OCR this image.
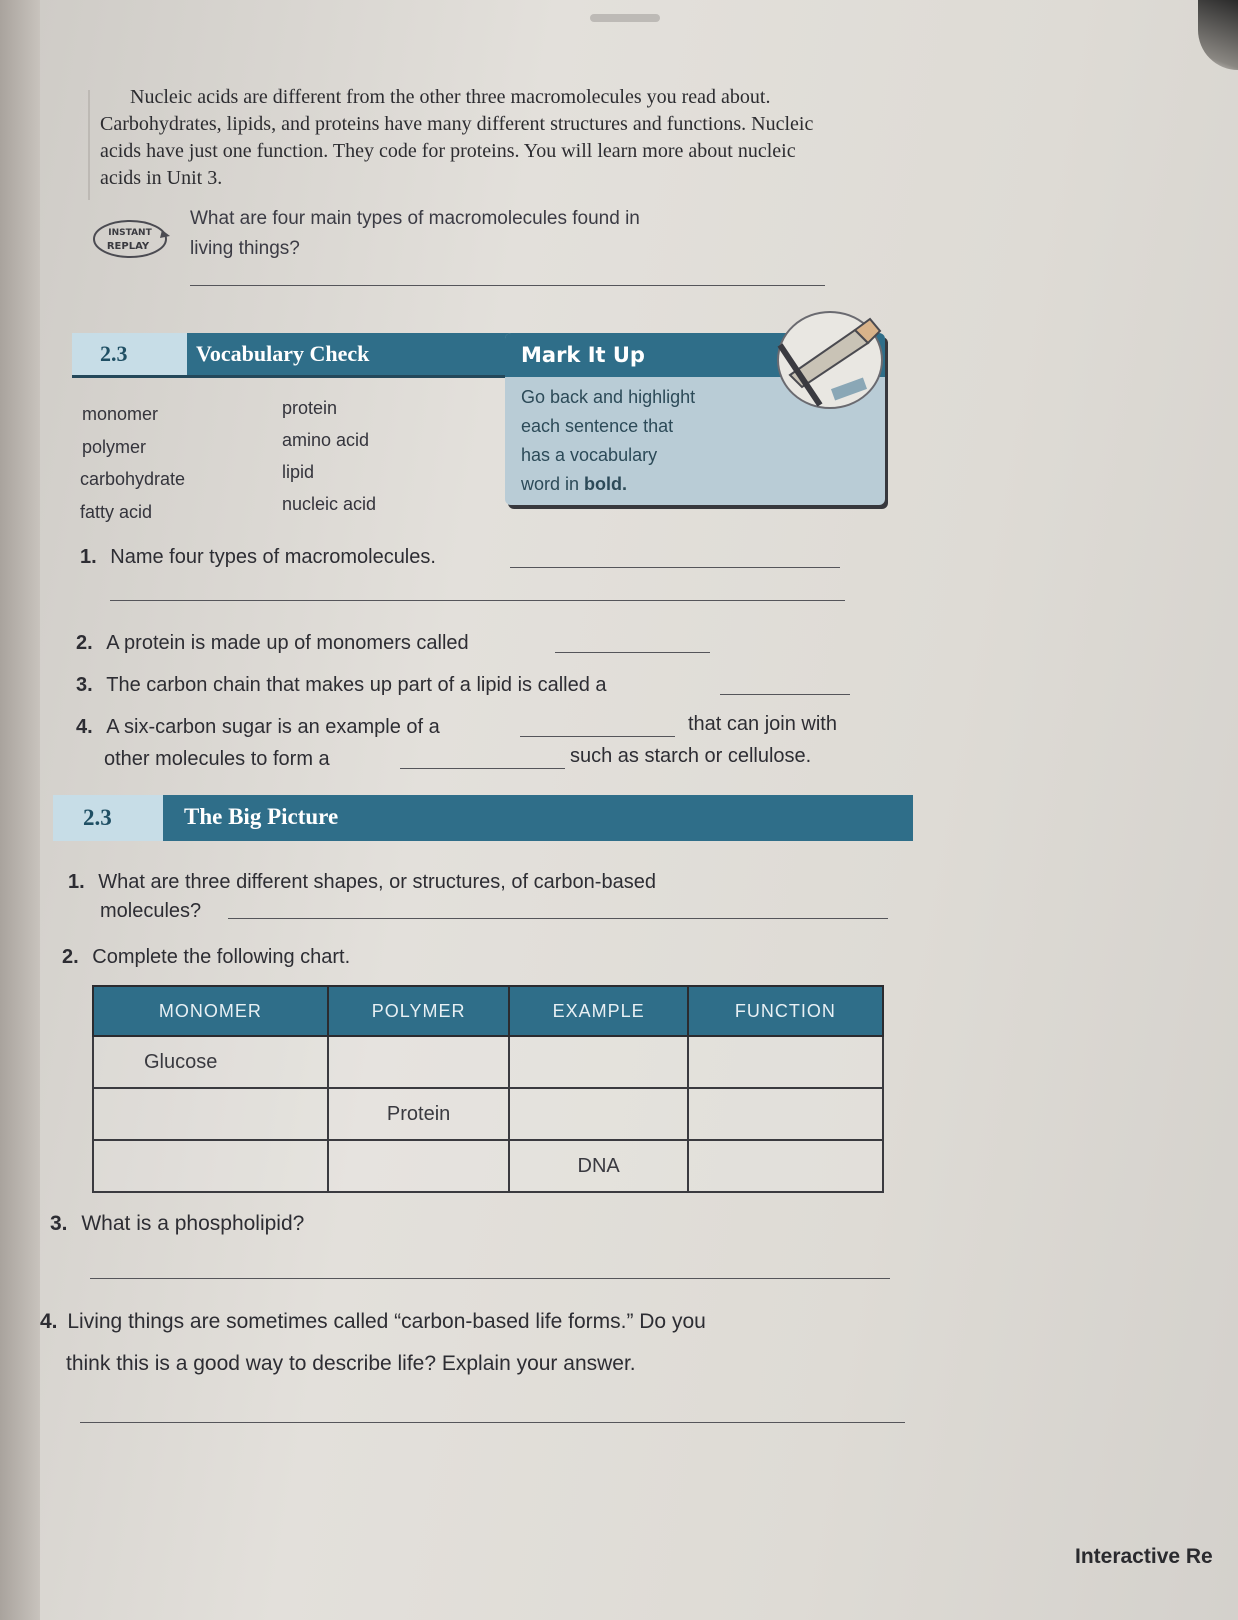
Nucleic acids are different from the other three macromolecules you read about. Carbohydrates, lipids, and proteins have many different structures and functions. Nucleic acids have just one function. They code for proteins. You will learn more about nucleic acids in Unit 3.
INSTANT
REPLAY
What are four main types of macromolecules found in
living things?
2.3	Vocabulary Check
monomer
polymer
carbohydrate
fatty acid
protein
amino acid
lipid
nucleic acid
Mark It Up
Go back and highlight
each sentence that
has a vocabulary
word in bold.
1. Name four types of macromolecules.
2. A protein is made up of monomers called
3. The carbon chain that makes up part of a lipid is called a
4. A six-carbon sugar is an example of a	that can join with
other molecules to form a	such as starch or cellulose.
2.3	The Big Picture
1. What are three different shapes, or structures, of carbon-based
molecules?
2. Complete the following chart.
MONOMER	POLYMER	EXAMPLE	FUNCTION
Glucose			
	Protein		
		DNA	
3. What is a phospholipid?
4. Living things are sometimes called “carbon-based life forms.” Do you
think this is a good way to describe life? Explain your answer.
Interactive Re
